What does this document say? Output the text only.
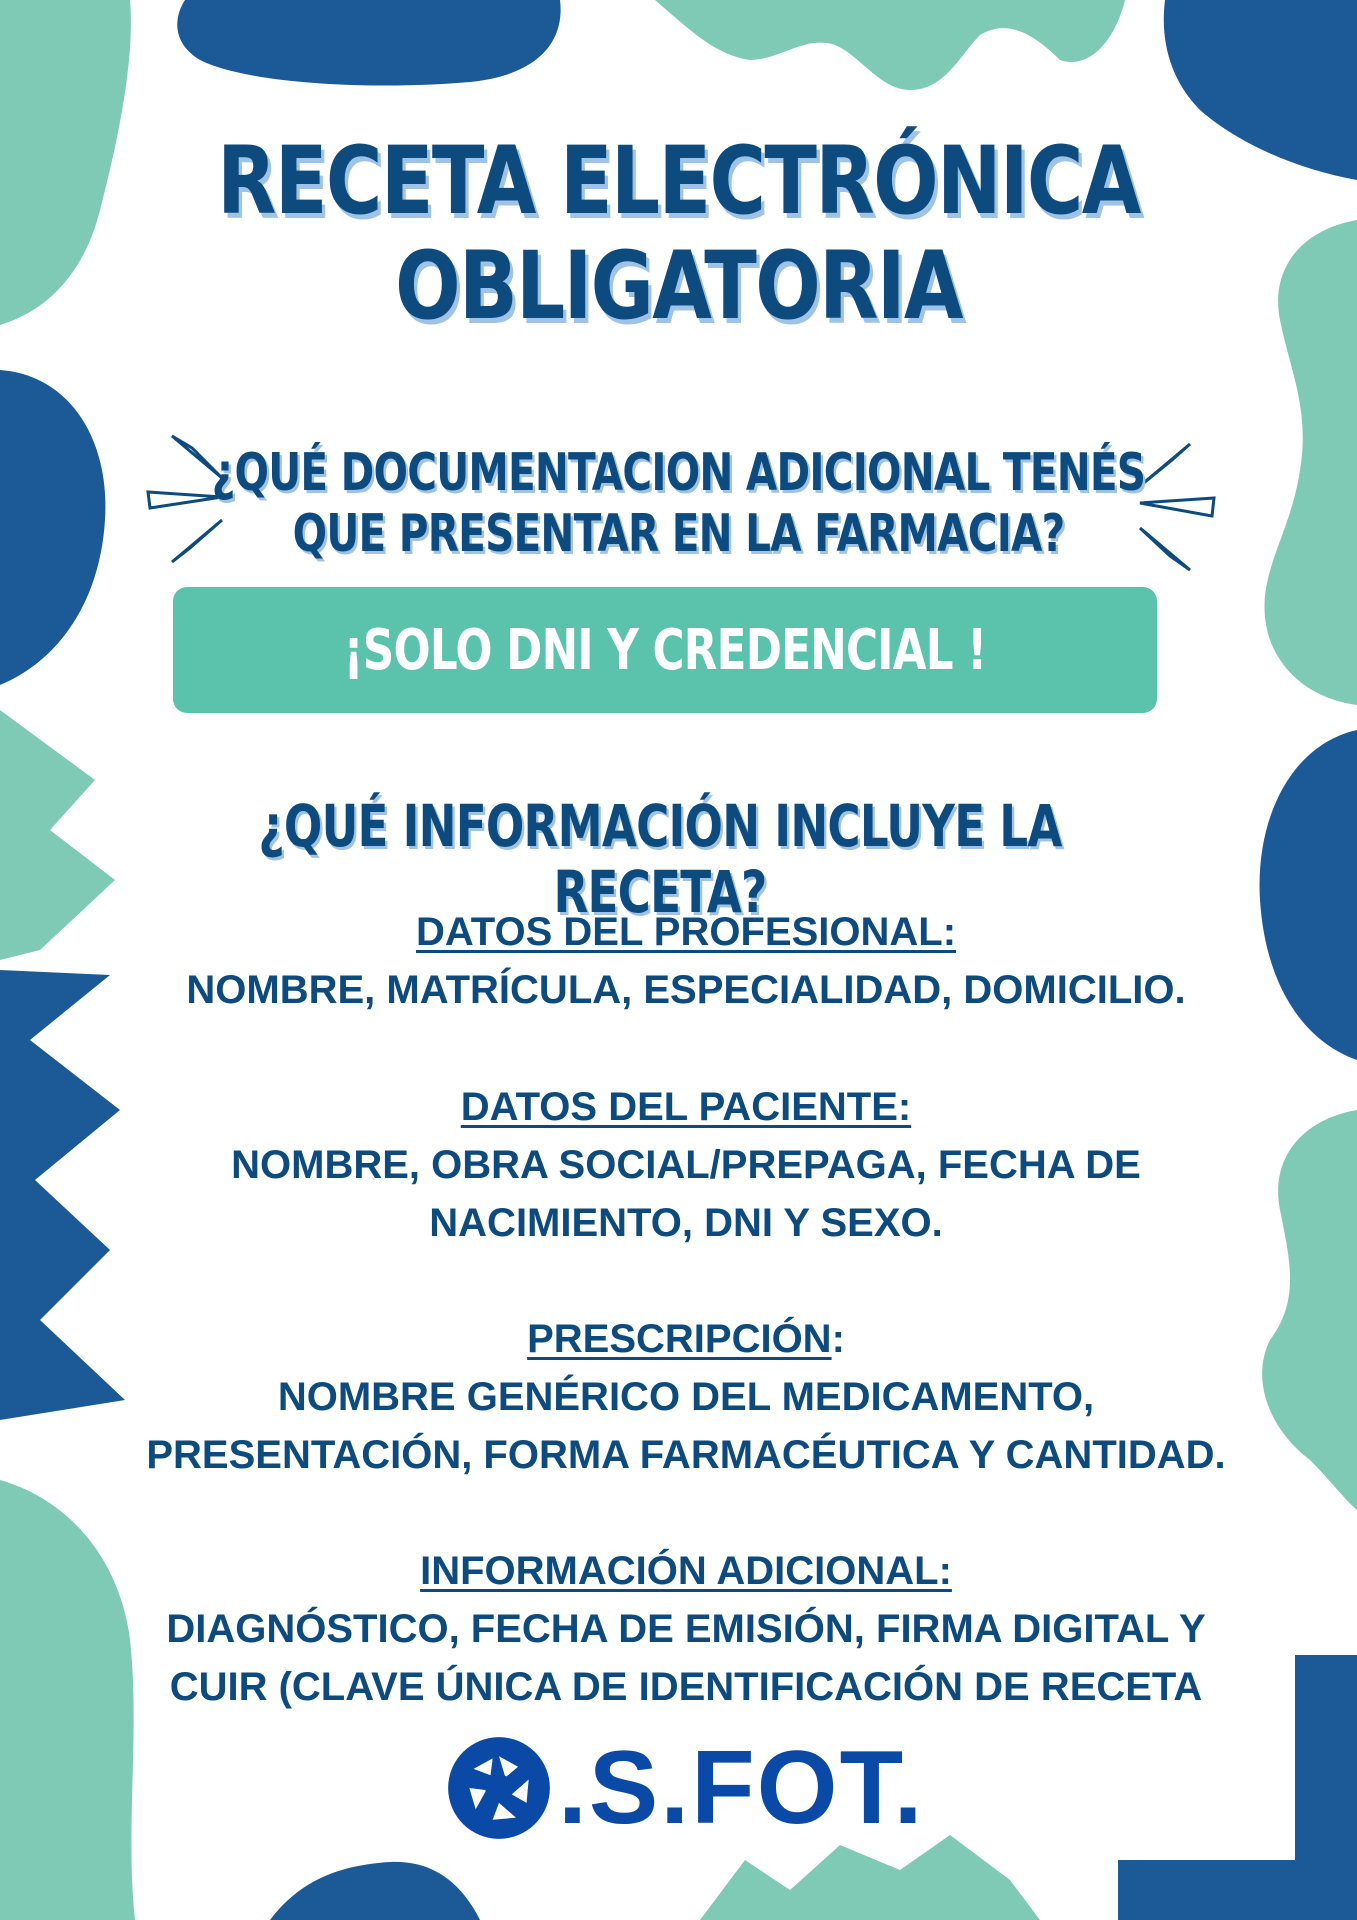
RECETA ELECTRÓNICA
OBLIGATORIA
¿QUÉ DOCUMENTACION ADICIONAL TENÉS
QUE PRESENTAR EN LA FARMACIA?
¡SOLO DNI Y CREDENCIAL !
¿QUÉ INFORMACIÓN INCLUYE LA RECETA?
DATOS DEL PROFESIONAL:
NOMBRE, MATRÍCULA, ESPECIALIDAD, DOMICILIO.
DATOS DEL PACIENTE:
NOMBRE, OBRA SOCIAL/PREPAGA, FECHA DE
NACIMIENTO, DNI Y SEXO.
PRESCRIPCIÓN:
NOMBRE GENÉRICO DEL MEDICAMENTO,
PRESENTACIÓN, FORMA FARMACÉUTICA Y CANTIDAD.
INFORMACIÓN ADICIONAL:
DIAGNÓSTICO, FECHA DE EMISIÓN, FIRMA DIGITAL Y
CUIR (CLAVE ÚNICA DE IDENTIFICACIÓN DE RECETA
.S.FOT.
